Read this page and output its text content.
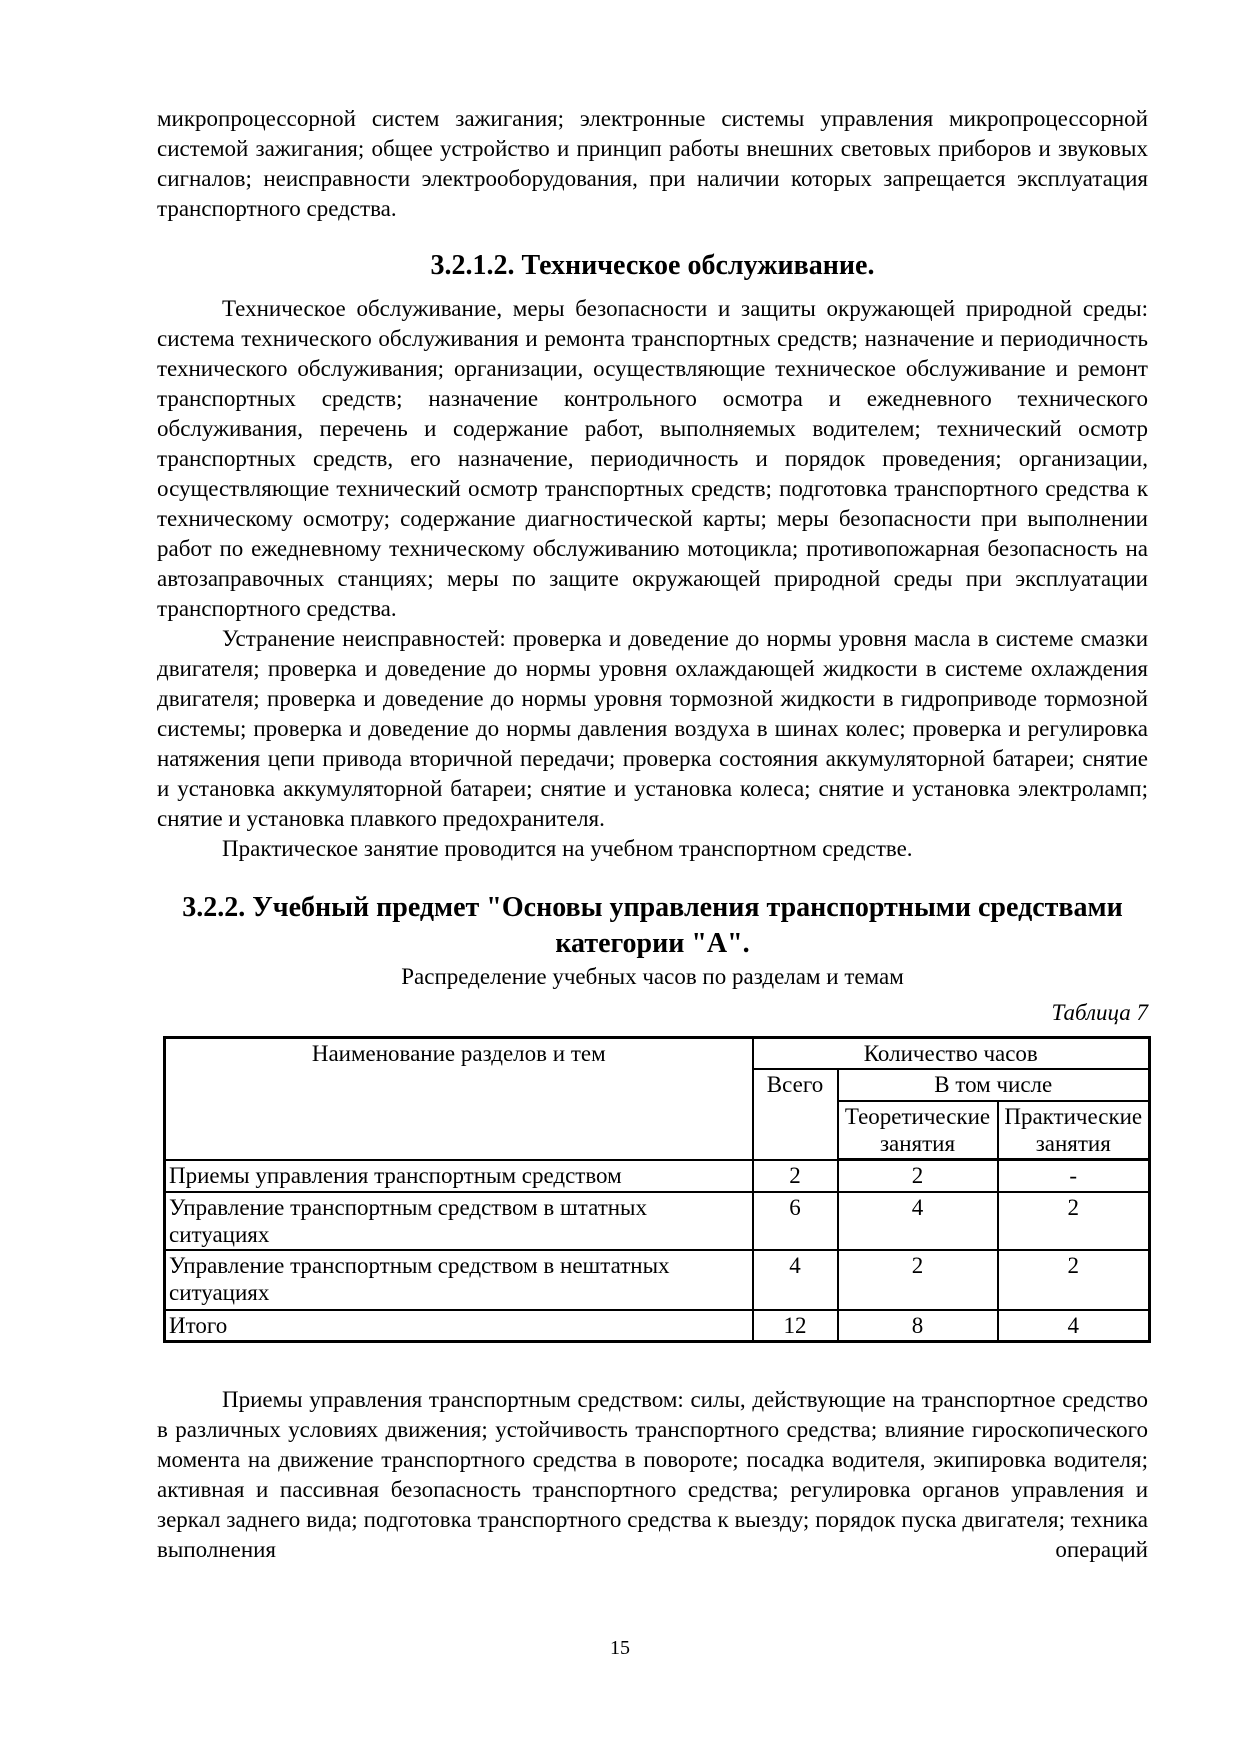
микропроцессорной систем зажигания; электронные системы управления микропроцессорной системой зажигания; общее устройство и принцип работы внешних световых приборов и звуковых сигналов; неисправности электрооборудования, при наличии которых запрещается эксплуатация транспортного средства.

3.2.1.2. Техническое обслуживание.

Техническое обслуживание, меры безопасности и защиты окружающей природной среды: система технического обслуживания и ремонта транспортных средств; назначение и периодичность технического обслуживания; организации, осуществляющие техническое обслуживание и ремонт транспортных средств; назначение контрольного осмотра и ежедневного технического обслуживания, перечень и содержание работ, выполняемых водителем; технический осмотр транспортных средств, его назначение, периодичность и порядок проведения; организации, осуществляющие технический осмотр транспортных средств; подготовка транспортного средства к техническому осмотру; содержание диагностической карты; меры безопасности при выполнении работ по ежедневному техническому обслуживанию мотоцикла; противопожарная безопасность на автозаправочных станциях; меры по защите окружающей природной среды при эксплуатации транспортного средства.

Устранение неисправностей: проверка и доведение до нормы уровня масла в системе смазки двигателя; проверка и доведение до нормы уровня охлаждающей жидкости в системе охлаждения двигателя; проверка и доведение до нормы уровня тормозной жидкости в гидроприводе тормозной системы; проверка и доведение до нормы давления воздуха в шинах колес; проверка и регулировка натяжения цепи привода вторичной передачи; проверка состояния аккумуляторной батареи; снятие и установка аккумуляторной батареи; снятие и установка колеса; снятие и установка электроламп; снятие и установка плавкого предохранителя.

Практическое занятие проводится на учебном транспортном средстве.

3.2.2. Учебный предмет "Основы управления транспортными средствами категории "А".

Распределение учебных часов по разделам и темам

Таблица 7

Наименование разделов и тем	Количество часов		
	Всего	В том числе	
		Теоретические занятия	Практические занятия
Приемы управления транспортным средством	2	2	-
Управление транспортным средством в штатных ситуациях	6	4	2
Управление транспортным средством в нештатных ситуациях	4	2	2
Итого	12	8	4

Приемы управления транспортным средством: силы, действующие на транспортное средство в различных условиях движения; устойчивость транспортного средства; влияние гироскопического момента на движение транспортного средства в повороте; посадка водителя, экипировка водителя; активная и пассивная безопасность транспортного средства; регулировка органов управления и зеркал заднего вида; подготовка транспортного средства к выезду; порядок пуска двигателя; техника выполнения операций

15
